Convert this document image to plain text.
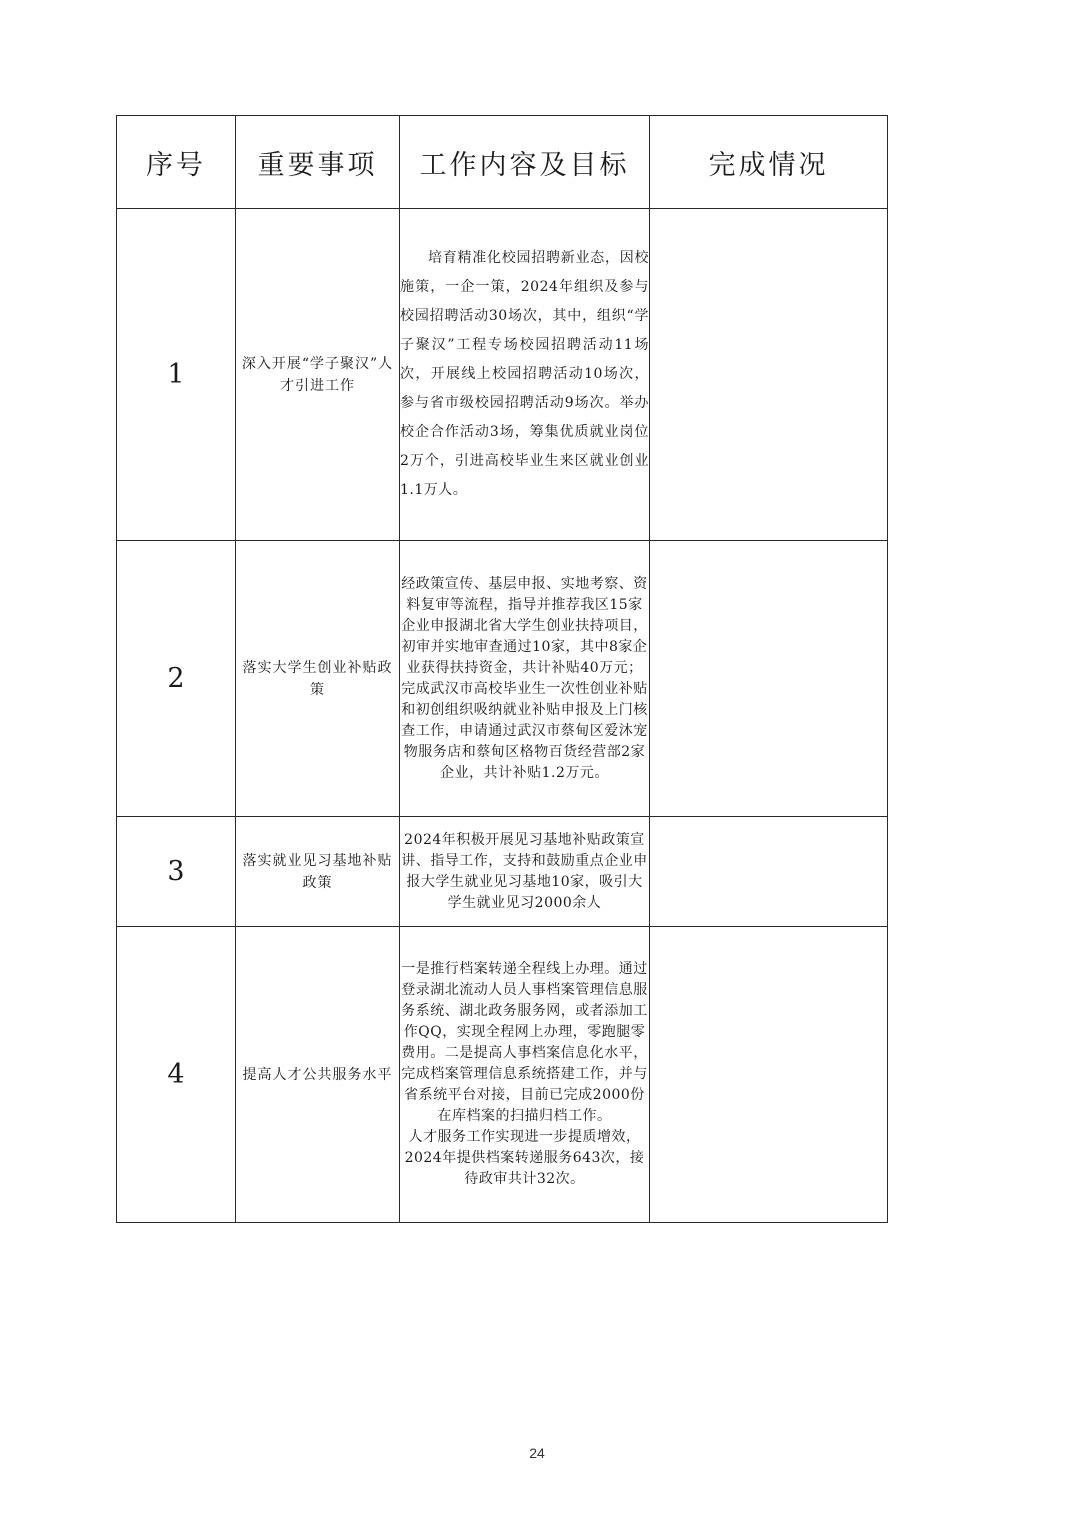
序号	重要事项	工作内容及目标	完成情况
1	深入开展“学子聚汉”人才引进工作	培育精准化校园招聘新业态，因校施策，一企一策，2024年组织及参与校园招聘活动30场次，其中，组织“学子聚汉”工程专场校园招聘活动11场次，开展线上校园招聘活动10场次，参与省市级校园招聘活动9场次。举办校企合作活动3场，筹集优质就业岗位2万个，引进高校毕业生来区就业创业1.1万人。	

2	落实大学生创业补贴政策	经政策宣传、基层申报、实地考察、资料复审等流程，指导并推荐我区15家企业申报湖北省大学生创业扶持项目，初审并实地审查通过10家，其中8家企业获得扶持资金，共计补贴40万元；完成武汉市高校毕业生一次性创业补贴和初创组织吸纳就业补贴申报及上门核查工作，申请通过武汉市蔡甸区爱沐宠物服务店和蔡甸区格物百货经营部2家企业，共计补贴1.2万元。	

3	落实就业见习基地补贴政策	2024年积极开展见习基地补贴政策宣讲、指导工作，支持和鼓励重点企业申报大学生就业见习基地10家，吸引大学生就业见习2000余人	

4	提高人才公共服务水平	一是推行档案转递全程线上办理。通过登录湖北流动人员人事档案管理信息服务系统、湖北政务服务网，或者添加工作QQ，实现全程网上办理，零跑腿零费用。二是提高人事档案信息化水平，完成档案管理信息系统搭建工作，并与省系统平台对接，目前已完成2000份在库档案的扫描归档工作。
人才服务工作实现进一步提质增效，2024年提供档案转递服务643次，接待政审共计32次。	

24
